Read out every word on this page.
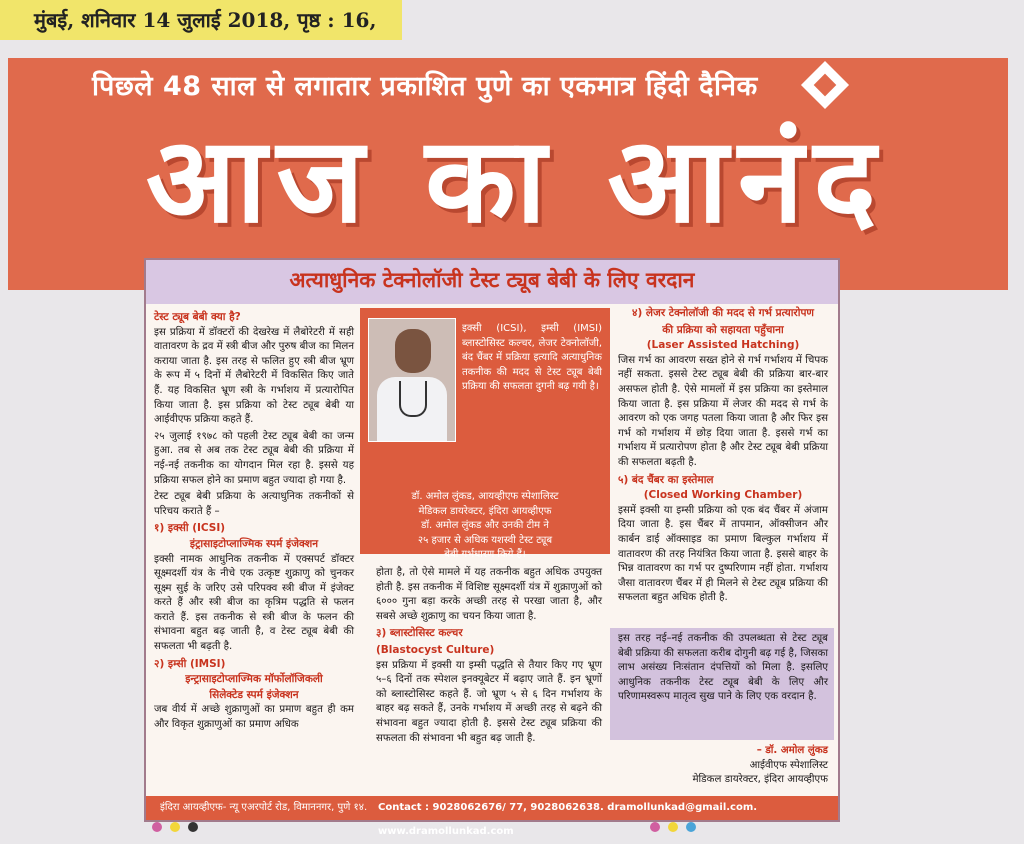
मुंबई, शनिवार 14 जुलाई 2018, पृष्ठ : 16,
पिछले 48 साल से लगातार प्रकाशित पुणे का एकमात्र हिंदी दैनिक
आज का आनंद
अत्याधुनिक टेक्नोलॉजी टेस्ट ट्यूब बेबी के लिए वरदान
टेस्ट ट्यूब बेबी क्या है?

इस प्रक्रिया में डॉक्टरों की देखरेख में लैबोरेटरी में सही वातावरण के द्रव में स्त्री बीज और पुरुष बीज का मिलन कराया जाता है. इस तरह से फलित हुए स्त्री बीज भ्रूण के रूप में ५ दिनों में लैबोरेटरी में विकसित किए जाते हैं. यह विकसित भ्रूण स्त्री के गर्भाशय में प्रत्यारोपित किया जाता है. इस प्रक्रिया को टेस्ट ट्यूब बेबी या आईवीएफ प्रक्रिया कहते हैं.

२५ जुलाई १९७८ को पहली टेस्ट ट्यूब बेबी का जन्म हुआ. तब से अब तक टेस्ट ट्यूब बेबी की प्रक्रिया में नई-नई तकनीक का योगदान मिल रहा है. इससे यह प्रक्रिया सफल होने का प्रमाण बहुत ज्यादा हो गया है.

टेस्ट ट्यूब बेबी प्रक्रिया के अत्याधुनिक तकनीकों से परिचय कराते हैं –

१) इक्सी (ICSI)
इंट्रासाइटोप्लाज्मिक स्पर्म इंजेक्शन

इक्सी नामक आधुनिक तकनीक में एक्सपर्ट डॉक्टर सूक्ष्मदर्शी यंत्र के नीचे एक उत्कृष्ट शुक्राणु को चुनकर सूक्ष्म सुई के जरिए उसे परिपक्व स्त्री बीज में इंजेक्ट करते हैं और स्त्री बीज का कृत्रिम पद्धति से फलन कराते हैं. इस तकनीक से स्त्री बीज के फलन की संभावना बहुत बढ़ जाती है, व टेस्ट ट्यूब बेबी की सफलता भी बढ़ती है.

२) इम्सी (IMSI)
इन्ट्रासाइटोप्लाज्मिक मॉर्फोलॉजिकली
सिलेक्टेड स्पर्म इंजेक्शन

जब वीर्य में अच्छे शुक्राणुओं का प्रमाण बहुत ही कम और विकृत शुक्राणुओं का प्रमाण अधिक

इक्सी (ICSI), इम्सी (IMSI) ब्लास्टोसिस्ट कल्चर, लेजर टेक्नोलॉजी, बंद चैंबर में प्रक्रिया इत्यादि अत्याधुनिक तकनीक की मदद से टेस्ट ट्यूब बेबी प्रक्रिया की सफलता दुगनी बढ़ गयी है।
डॉ. अमोल लुंकड, आयव्हीएफ स्पेशालिस्ट
मेडिकल डायरेक्टर, इंदिरा आयव्हीएफ
डॉ. अमोल लुंकड और उनकी टीम ने
२५ हजार से अधिक यशस्वी टेस्ट ट्यूब
बेबी गर्भधारण किये हैं।

होता है, तो ऐसे मामले में यह तकनीक बहुत अधिक उपयुक्त होती है. इस तकनीक में विशिष्ट सूक्ष्मदर्शी यंत्र में शुक्राणुओं को ६००० गुना बड़ा करके अच्छी तरह से परखा जाता है, और सबसे अच्छे शुक्राणु का चयन किया जाता है.

३) ब्लास्टोसिस्ट कल्चर
(Blastocyst Culture)

इस प्रक्रिया में इक्सी या इम्सी पद्धति से तैयार किए गए भ्रूण ५–६ दिनों तक स्पेशल इनक्यूबेटर में बढ़ाए जाते हैं. इन भ्रूणों को ब्लास्टोसिस्ट कहते हैं. जो भ्रूण ५ से ६ दिन गर्भाशय के बाहर बढ़ सकते हैं, उनके गर्भाशय में अच्छी तरह से बढ़ने की संभावना बहुत ज्यादा होती है. इससे टेस्ट ट्यूब प्रक्रिया की सफलता की संभावना भी बहुत बढ़ जाती है.

४) लेजर टेक्नोलॉजी की मदद से गर्भ प्रत्यारोपण
की प्रक्रिया को सहायता पहुँचाना
(Laser Assisted Hatching)

जिस गर्भ का आवरण सख्त होने से गर्भ गर्भाशय में चिपक नहीं सकता. इससे टेस्ट ट्यूब बेबी की प्रक्रिया बार-बार असफल होती है. ऐसे मामलों में इस प्रक्रिया का इस्तेमाल किया जाता है. इस प्रक्रिया में लेजर की मदद से गर्भ के आवरण को एक जगह पतला किया जाता है और फिर इस गर्भ को गर्भाशय में छोड़ दिया जाता है. इससे गर्भ का गर्भाशय में प्रत्यारोपण होता है और टेस्ट ट्यूब बेबी प्रक्रिया की सफलता बढ़ती है.

५) बंद चैंबर का इस्तेमाल
(Closed Working Chamber)

इसमें इक्सी या इम्सी प्रक्रिया को एक बंद चैंबर में अंजाम दिया जाता है. इस चैंबर में तापमान, ऑक्सीजन और कार्बन डाई ऑक्साइड का प्रमाण बिल्कुल गर्भाशय में वातावरण की तरह नियंत्रित किया जाता है. इससे बाहर के भिन्न वातावरण का गर्भ पर दुष्परिणाम नहीं होता. गर्भाशय जैसा वातावरण चैंबर में ही मिलने से टेस्ट ट्यूब प्रक्रिया की सफलता बहुत अधिक होती है.

इस तरह नई–नई तकनीक की उपलब्धता से टेस्ट ट्यूब बेबी प्रक्रिया की सफलता करीब दोगुनी बढ़ गई है, जिसका लाभ असंख्य निःसंतान दंपत्तियों को मिला है. इसलिए आधुनिक तकनीक टेस्ट ट्यूब बेबी के लिए और परिणामस्वरूप मातृत्व सुख पाने के लिए एक वरदान है.

– डॉ. अमोल लुंकड
आईवीएफ स्पेशालिस्ट
मेडिकल डायरेक्टर, इंदिरा आयव्हीएफ
इंदिरा आयव्हीएफ- न्यू एअरपोर्ट रोड, विमाननगर, पुणे १४. Contact : 9028062676/ 77, 9028062638. dramollunkad@gmail.com. www.dramollunkad.com
